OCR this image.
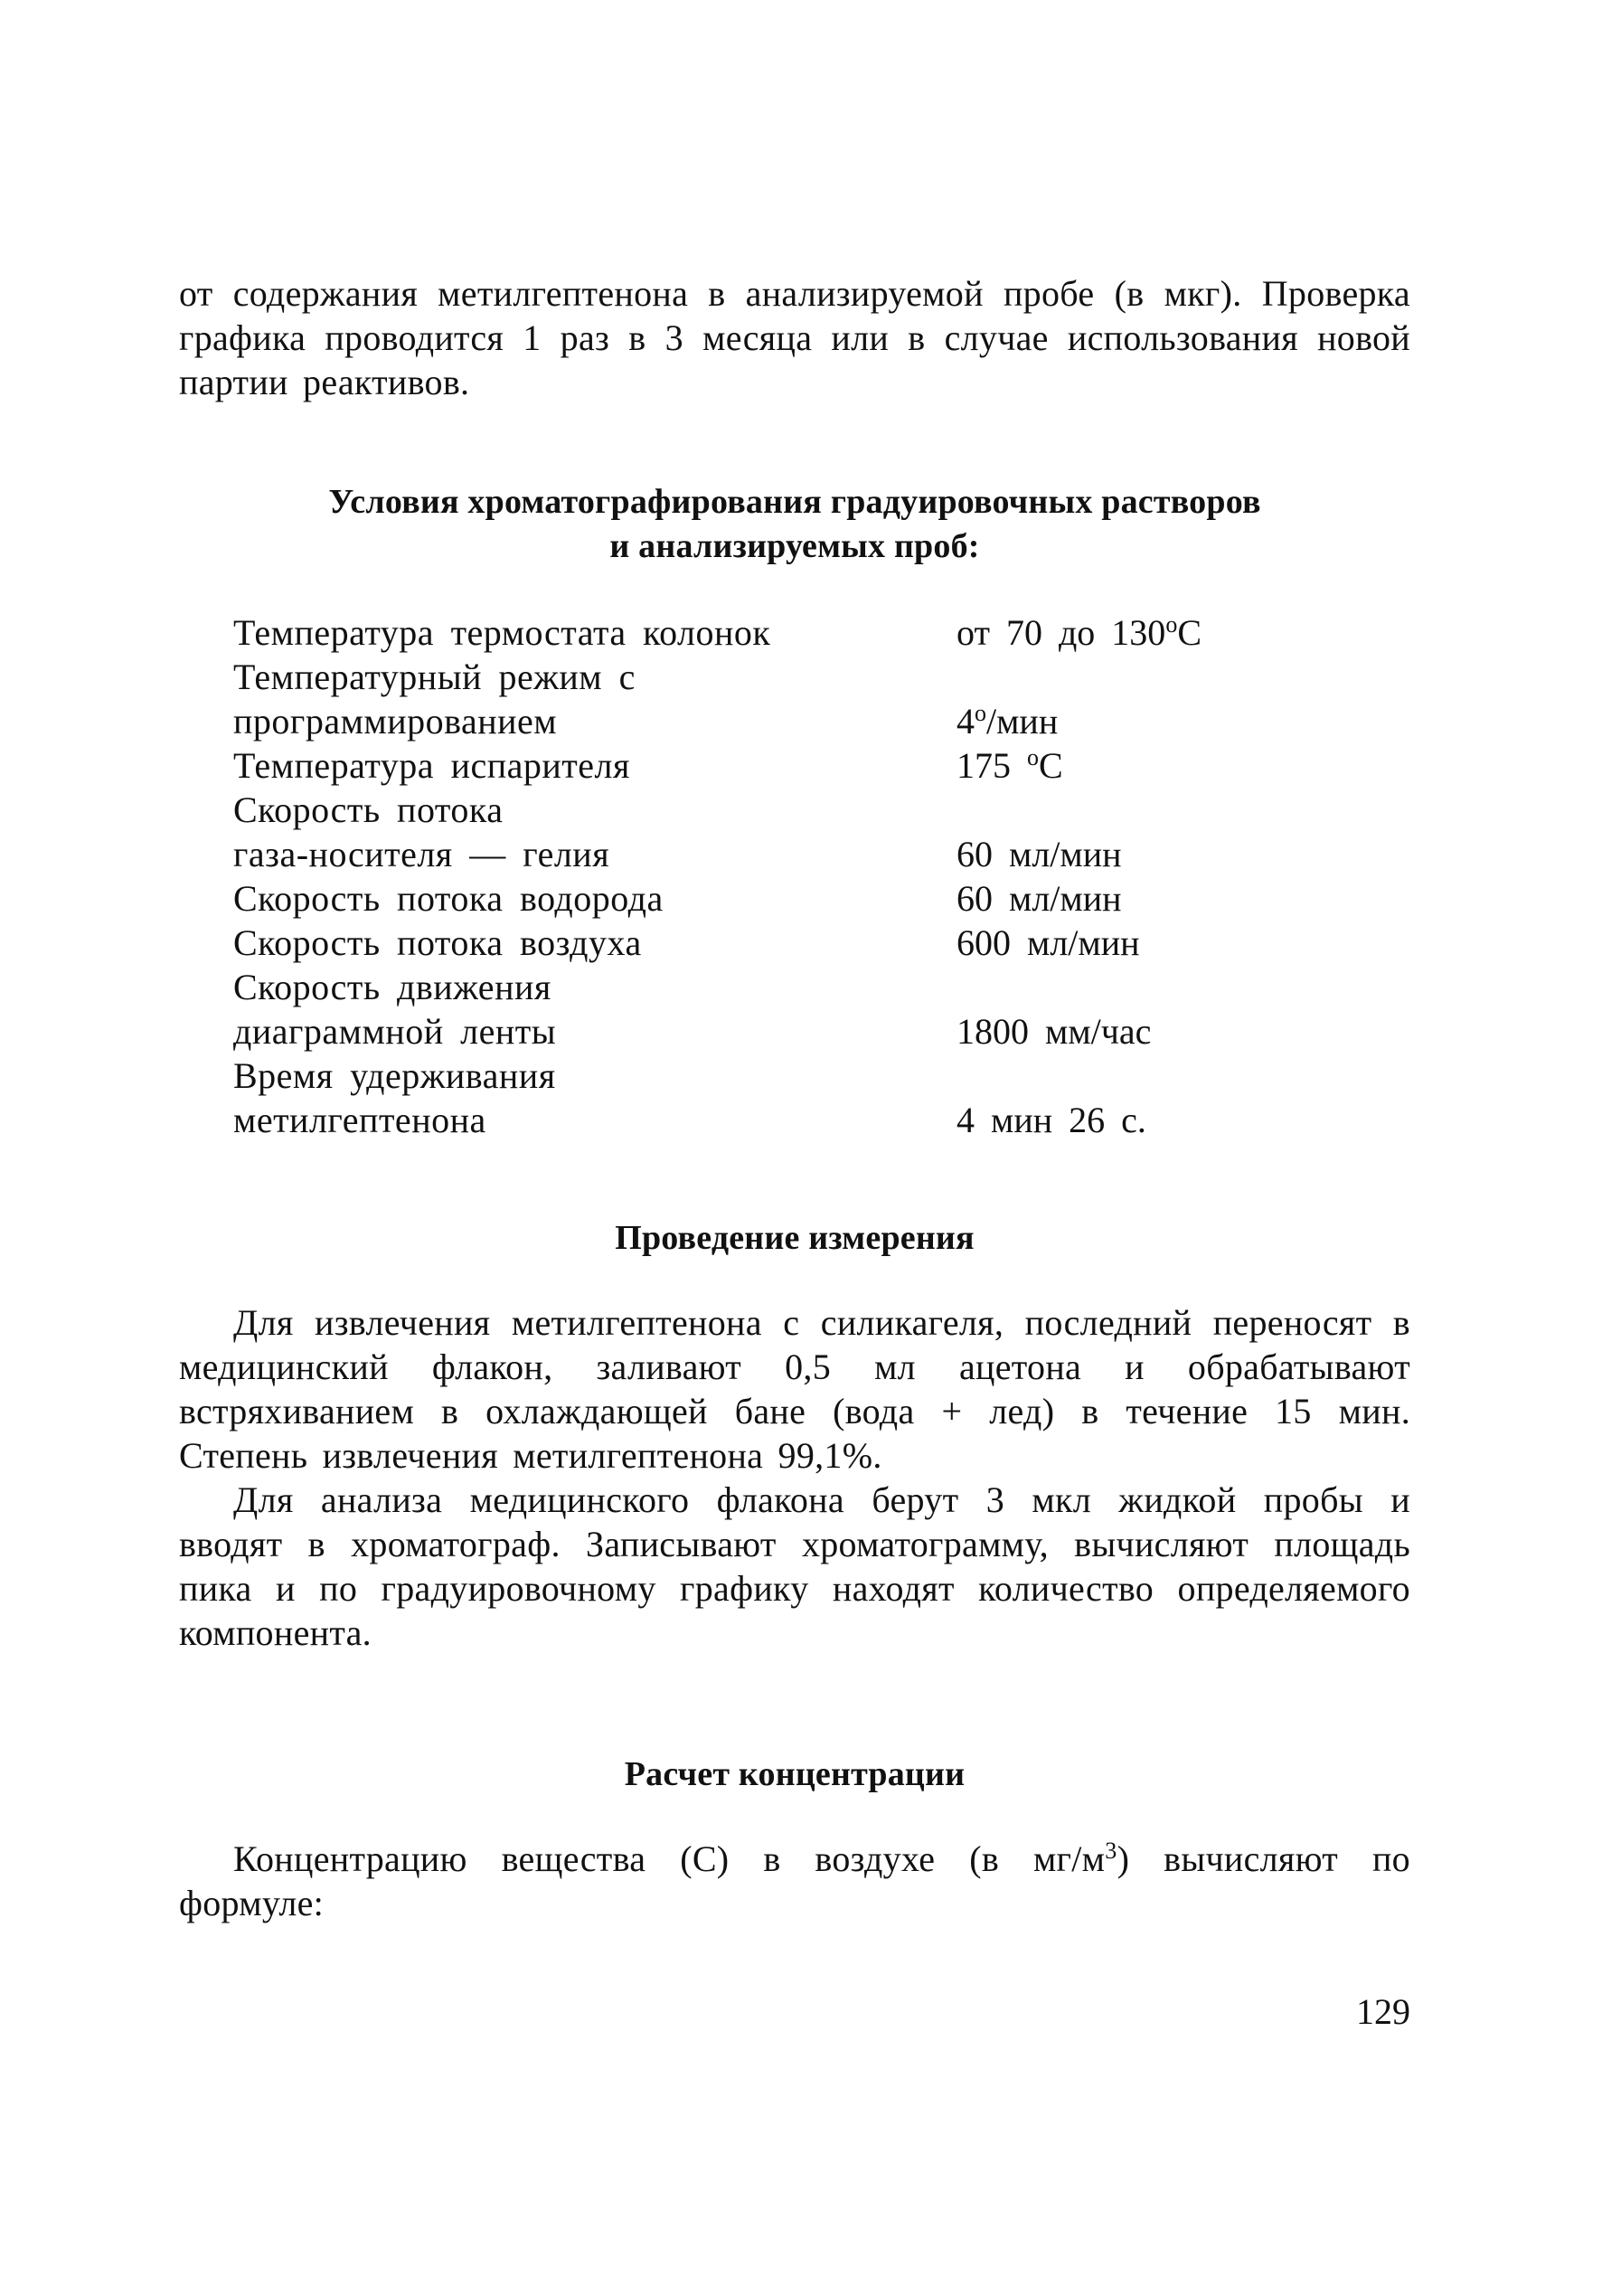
от содержания метилгептенона в анализируемой пробе (в мкг). Проверка графика проводится 1 раз в 3 месяца или в случае использования новой партии реактивов.

Условия хроматографирования градуировочных растворов
и анализируемых проб:

Температура термостата колонок	от 70 до $130^оС$
Температурный режим с
программированием	$4^о$/мин
Температура испарителя	175 $^о$С
Скорость потока
газа-носителя — гелия	60 мл/мин
Скорость потока водорода	60 мл/мин
Скорость потока воздуха	600 мл/мин
Скорость движения
диаграммной ленты	1800 мм/час
Время удерживания
метилгептенона	4 мин 26 с.

Проведение измерения

Для извлечения метилгептенона с силикагеля, последний переносят в медицинский флакон, заливают 0,5 мл ацетона и обрабатывают встряхиванием в охлаждающей бане (вода + лед) в течение 15 мин. Степень извлечения метилгептенона 99,1%.

Для анализа медицинского флакона берут 3 мкл жидкой пробы и вводят в хроматограф. Записывают хроматограмму, вычисляют площадь пика и по градуировочному графику находят количество определяемого компонента.

Расчет концентрации

Концентрацию вещества (С) в воздухе (в $мг/м^3$) вычисляют по формуле:

129
